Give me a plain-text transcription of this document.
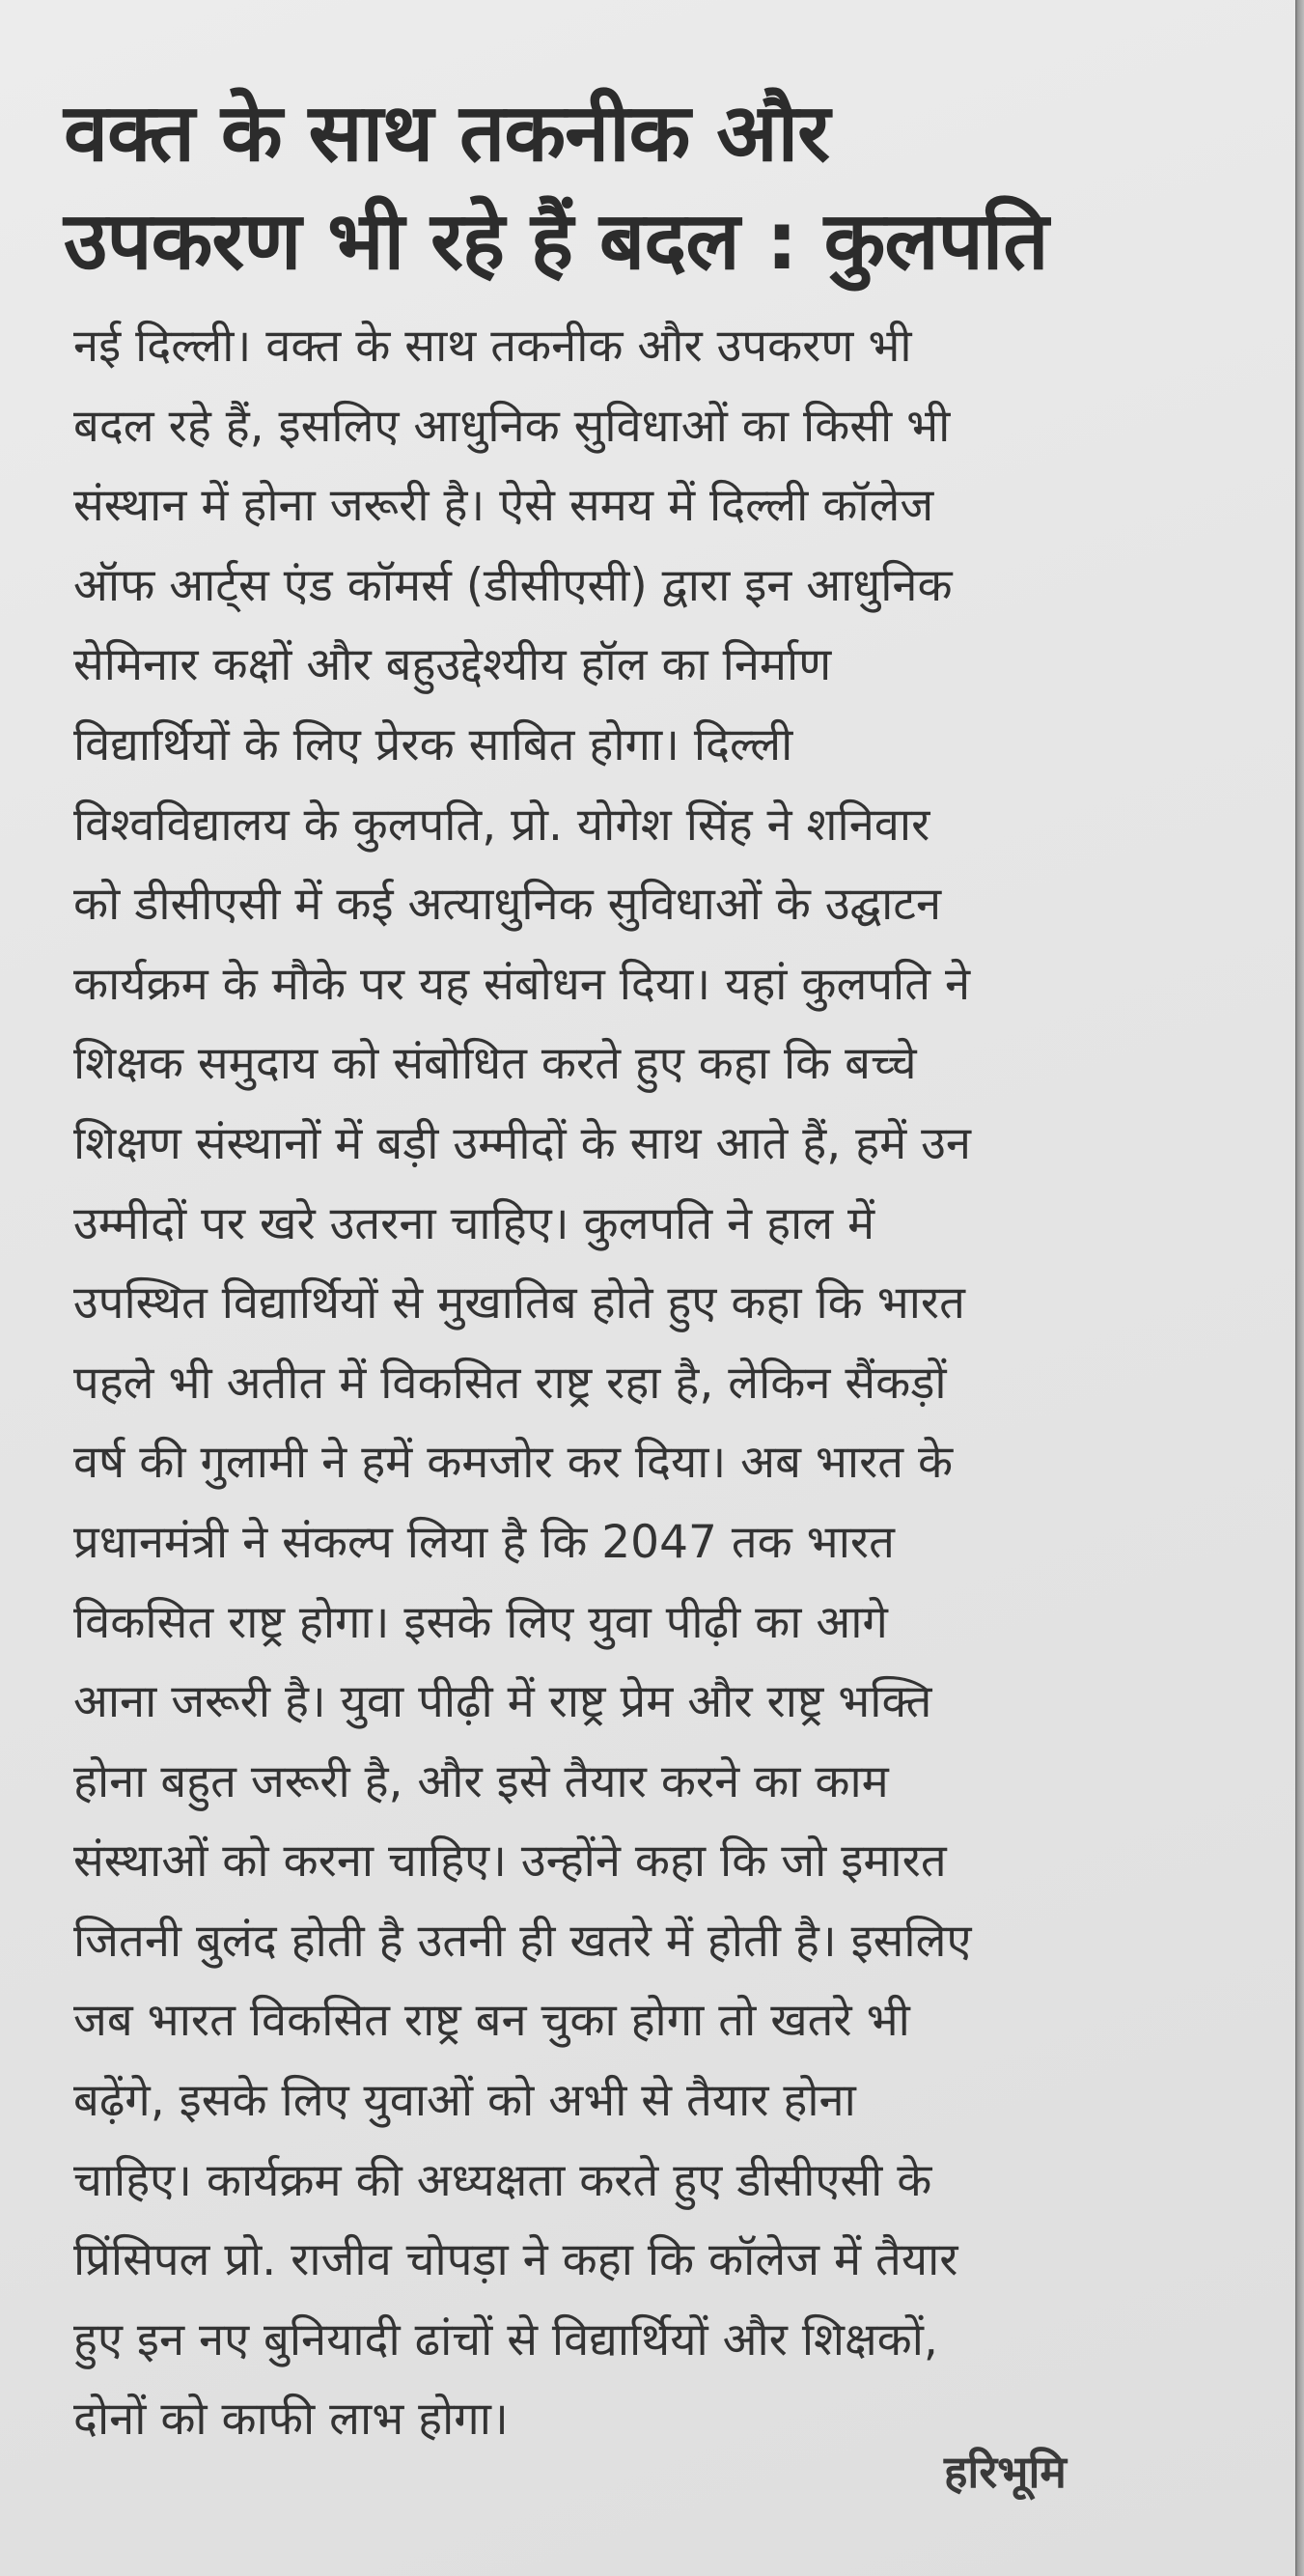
वक्त के साथ तकनीक और
उपकरण भी रहे हैं बदल : कुलपति

नई दिल्ली। वक्त के साथ तकनीक और उपकरण भी
बदल रहे हैं, इसलिए आधुनिक सुविधाओं का किसी भी
संस्थान में होना जरूरी है। ऐसे समय में दिल्ली कॉलेज
ऑफ आर्ट्स एंड कॉमर्स (डीसीएसी) द्वारा इन आधुनिक
सेमिनार कक्षों और बहुउद्देश्यीय हॉल का निर्माण
विद्यार्थियों के लिए प्रेरक साबित होगा। दिल्ली
विश्वविद्यालय के कुलपति, प्रो. योगेश सिंह ने शनिवार
को डीसीएसी में कई अत्याधुनिक सुविधाओं के उद्घाटन
कार्यक्रम के मौके पर यह संबोधन दिया। यहां कुलपति ने
शिक्षक समुदाय को संबोधित करते हुए कहा कि बच्चे
शिक्षण संस्थानों में बड़ी उम्मीदों के साथ आते हैं, हमें उन
उम्मीदों पर खरे उतरना चाहिए। कुलपति ने हाल में
उपस्थित विद्यार्थियों से मुखातिब होते हुए कहा कि भारत
पहले भी अतीत में विकसित राष्ट्र रहा है, लेकिन सैंकड़ों
वर्ष की गुलामी ने हमें कमजोर कर दिया। अब भारत के
प्रधानमंत्री ने संकल्प लिया है कि 2047 तक भारत
विकसित राष्ट्र होगा। इसके लिए युवा पीढ़ी का आगे
आना जरूरी है। युवा पीढ़ी में राष्ट्र प्रेम और राष्ट्र भक्ति
होना बहुत जरूरी है, और इसे तैयार करने का काम
संस्थाओं को करना चाहिए। उन्होंने कहा कि जो इमारत
जितनी बुलंद होती है उतनी ही खतरे में होती है। इसलिए
जब भारत विकसित राष्ट्र बन चुका होगा तो खतरे भी
बढ़ेंगे, इसके लिए युवाओं को अभी से तैयार होना
चाहिए। कार्यक्रम की अध्यक्षता करते हुए डीसीएसी के
प्रिंसिपल प्रो. राजीव चोपड़ा ने कहा कि कॉलेज में तैयार
हुए इन नए बुनियादी ढांचों से विद्यार्थियों और शिक्षकों,
दोनों को काफी लाभ होगा।

हरिभूमि
